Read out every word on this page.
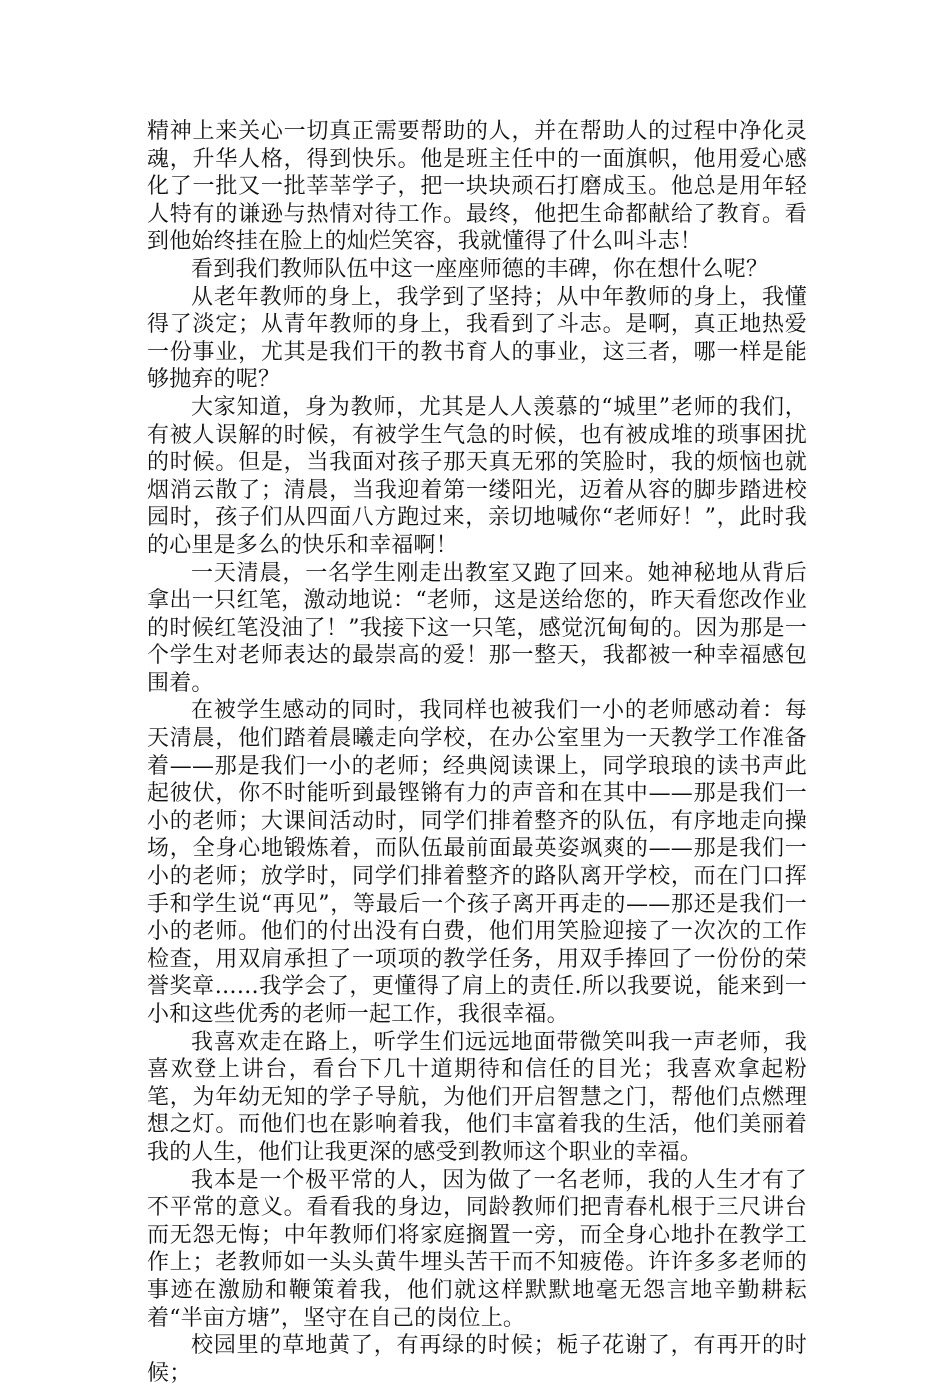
精神上来关心一切真正需要帮助的人，并在帮助人的过程中净化灵魂，升华人格，得到快乐。他是班主任中的一面旗帜，他用爱心感化了一批又一批莘莘学子，把一块块顽石打磨成玉。他总是用年轻人特有的谦逊与热情对待工作。最终，他把生命都献给了教育。看到他始终挂在脸上的灿烂笑容，我就懂得了什么叫斗志！

看到我们教师队伍中这一座座师德的丰碑，你在想什么呢？

从老年教师的身上，我学到了坚持；从中年教师的身上，我懂得了淡定；从青年教师的身上，我看到了斗志。是啊，真正地热爱一份事业，尤其是我们干的教书育人的事业，这三者，哪一样是能够抛弃的呢？

大家知道，身为教师，尤其是人人羡慕的“城里”老师的我们，有被人误解的时候，有被学生气急的时候，也有被成堆的琐事困扰的时候。但是，当我面对孩子那天真无邪的笑脸时，我的烦恼也就烟消云散了；清晨，当我迎着第一缕阳光，迈着从容的脚步踏进校园时，孩子们从四面八方跑过来，亲切地喊你“老师好！”，此时我的心里是多么的快乐和幸福啊！

一天清晨，一名学生刚走出教室又跑了回来。她神秘地从背后拿出一只红笔，激动地说：“老师，这是送给您的，昨天看您改作业的时候红笔没油了！”我接下这一只笔，感觉沉甸甸的。因为那是一个学生对老师表达的最崇高的爱！那一整天，我都被一种幸福感包围着。

在被学生感动的同时，我同样也被我们一小的老师感动着：每天清晨，他们踏着晨曦走向学校，在办公室里为一天教学工作准备着——那是我们一小的老师；经典阅读课上，同学琅琅的读书声此起彼伏，你不时能听到最铿锵有力的声音和在其中——那是我们一小的老师；大课间活动时，同学们排着整齐的队伍，有序地走向操场，全身心地锻炼着，而队伍最前面最英姿飒爽的——那是我们一小的老师；放学时，同学们排着整齐的路队离开学校，而在门口挥手和学生说“再见”，等最后一个孩子离开再走的——那还是我们一小的老师。他们的付出没有白费，他们用笑脸迎接了一次次的工作检查，用双肩承担了一项项的教学任务，用双手捧回了一份份的荣誉奖章……我学会了，更懂得了肩上的责任.所以我要说，能来到一小和这些优秀的老师一起工作，我很幸福。

我喜欢走在路上，听学生们远远地面带微笑叫我一声老师，我喜欢登上讲台，看台下几十道期待和信任的目光；我喜欢拿起粉笔，为年幼无知的学子导航，为他们开启智慧之门，帮他们点燃理想之灯。而他们也在影响着我，他们丰富着我的生活，他们美丽着我的人生，他们让我更深的感受到教师这个职业的幸福。

我本是一个极平常的人，因为做了一名老师，我的人生才有了不平常的意义。看看我的身边，同龄教师们把青春札根于三尺讲台而无怨无悔；中年教师们将家庭搁置一旁，而全身心地扑在教学工作上；老教师如一头头黄牛埋头苦干而不知疲倦。许许多多老师的事迹在激励和鞭策着我，他们就这样默默地毫无怨言地辛勤耕耘着“半亩方塘”，坚守在自己的岗位上。

校园里的草地黄了，有再绿的时候；栀子花谢了，有再开的时候；
